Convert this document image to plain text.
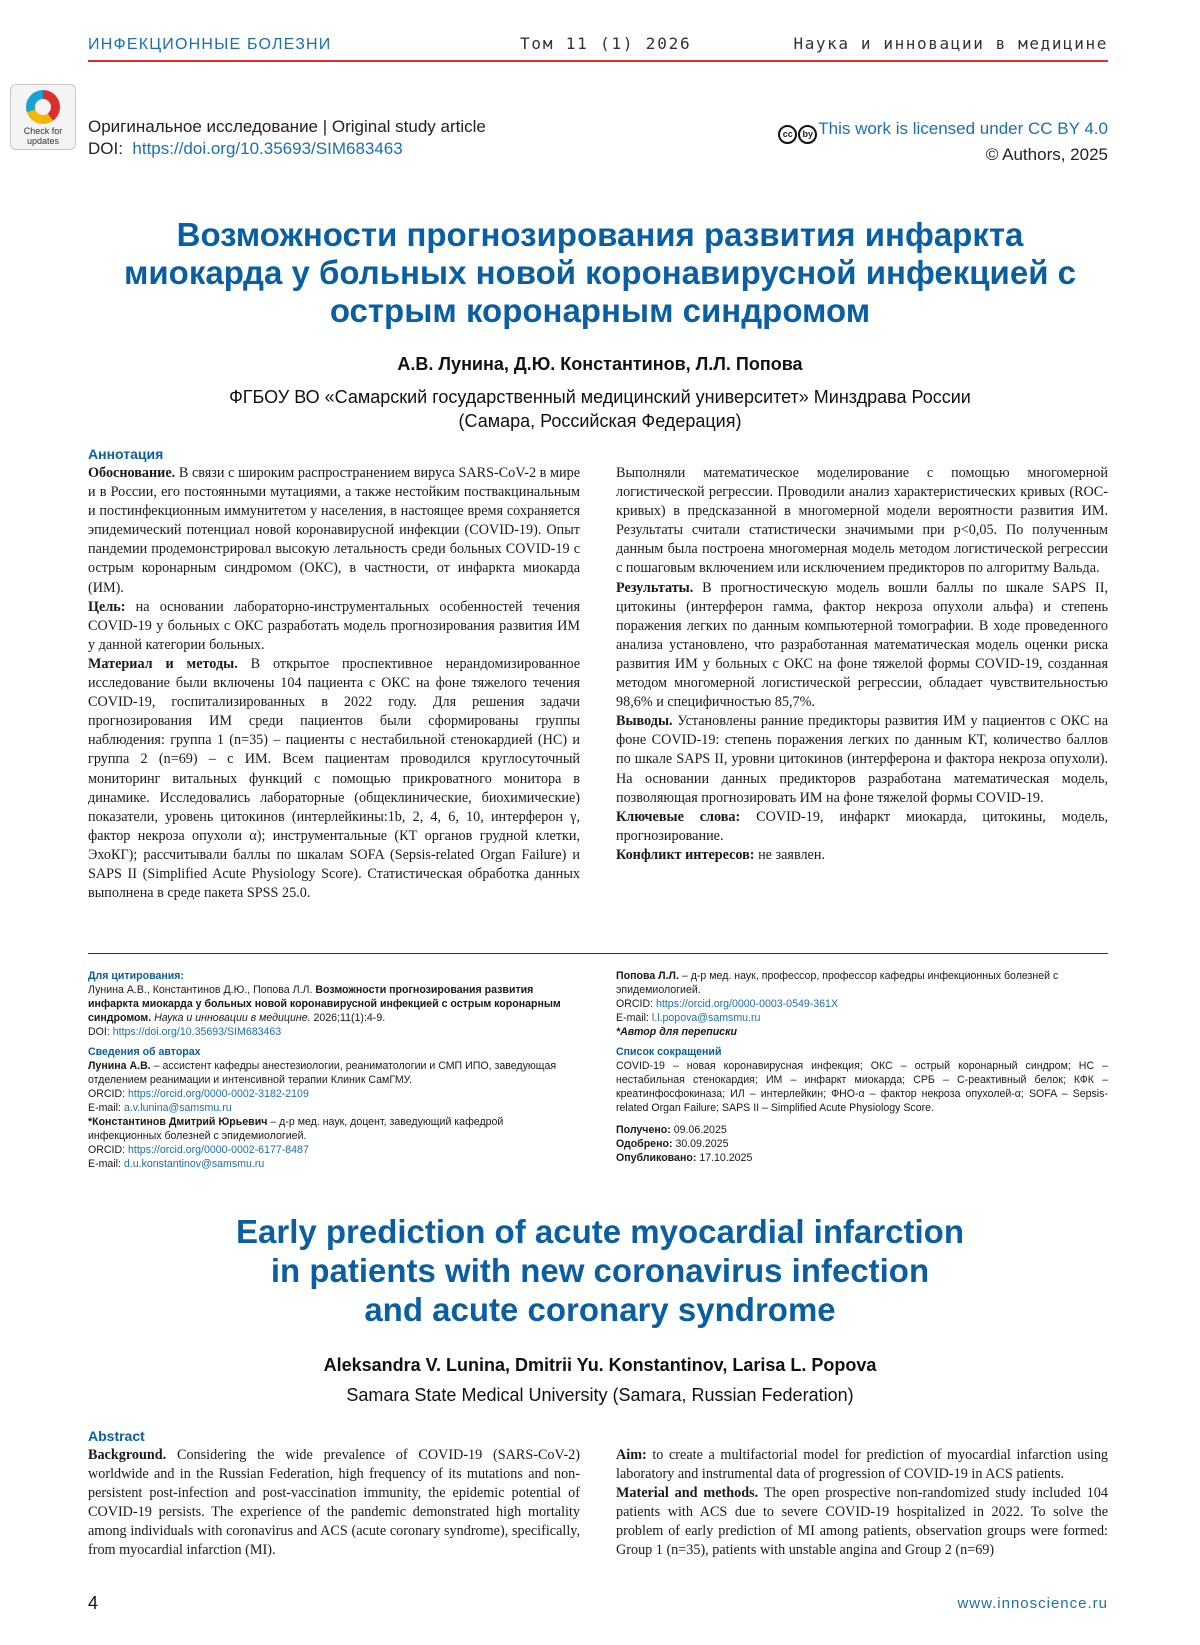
ИНФЕКЦИОННЫЕ БОЛЕЗНИ	Том 11 (1) 2026	Наука и инновации в медицине
Check for updates
Оригинальное исследование | Original study article
DOI: https://doi.org/10.35693/SIM683463
cc by This work is licensed under CC BY 4.0
© Authors, 2025
Возможности прогнозирования развития инфаркта миокарда у больных новой коронавирусной инфекцией с острым коронарным синдромом
А.В. Лунина, Д.Ю. Константинов, Л.Л. Попова
ФГБОУ ВО «Самарский государственный медицинский университет» Минздрава России
(Самара, Российская Федерация)
Аннотация

Обоснование. В связи с широким распространением вируса SARS-CoV-2 в мире и в России, его постоянными мутациями, а также нестойким поствакцинальным и постинфекционным иммунитетом у населения, в настоящее время сохраняется эпидемический потенциал новой коронавирусной инфекции (COVID-19). Опыт пандемии продемонстрировал высокую летальность среди больных COVID-19 с острым коронарным синдромом (ОКС), в частности, от инфаркта миокарда (ИМ).

Цель: на основании лабораторно-инструментальных особенностей течения COVID-19 у больных с ОКС разработать модель прогнозирования развития ИМ у данной категории больных.

Материал и методы. В открытое проспективное нерандомизированное исследование были включены 104 пациента с ОКС на фоне тяжелого течения COVID-19, госпитализированных в 2022 году. Для решения задачи прогнозирования ИМ среди пациентов были сформированы группы наблюдения: группа 1 (n=35) – пациенты с нестабильной стенокардией (НС) и группа 2 (n=69) – с ИМ. Всем пациентам проводился круглосуточный мониторинг витальных функций с помощью прикроватного монитора в динамике. Исследовались лабораторные (общеклинические, биохимические) показатели, уровень цитокинов (интерлейкины:1b, 2, 4, 6, 10, интерферон γ, фактор некроза опухоли α); инструментальные (КТ органов грудной клетки, ЭхоКГ); рассчитывали баллы по шкалам SOFA (Sepsis-related Organ Failure) и SAPS II (Simplified Acute Physiology Score). Статистическая обработка данных выполнена в среде пакета SPSS 25.0.

Выполняли математическое моделирование с помощью многомерной логистической регрессии. Проводили анализ характеристических кривых (ROC-кривых) в предсказанной в многомерной модели вероятности развития ИМ. Результаты считали статистически значимыми при p<0,05. По полученным данным была построена многомерная модель методом логистической регрессии с пошаговым включением или исключением предикторов по алгоритму Вальда.

Результаты. В прогностическую модель вошли баллы по шкале SAPS II, цитокины (интерферон гамма, фактор некроза опухоли альфа) и степень поражения легких по данным компьютерной томографии. В ходе проведенного анализа установлено, что разработанная математическая модель оценки риска развития ИМ у больных с ОКС на фоне тяжелой формы COVID-19, созданная методом многомерной логистической регрессии, обладает чувствительностью 98,6% и специфичностью 85,7%.

Выводы. Установлены ранние предикторы развития ИМ у пациентов с ОКС на фоне COVID-19: степень поражения легких по данным КТ, количество баллов по шкале SAPS II, уровни цитокинов (интерферона и фактора некроза опухоли). На основании данных предикторов разработана математическая модель, позволяющая прогнозировать ИМ на фоне тяжелой формы COVID-19.

Ключевые слова: COVID-19, инфаркт миокарда, цитокины, модель, прогнозирование.

Конфликт интересов: не заявлен.

Для цитирования:
Лунина А.В., Константинов Д.Ю., Попова Л.Л. Возможности прогнозирования развития инфаркта миокарда у больных новой коронавирусной инфекцией с острым коронарным синдромом. Наука и инновации в медицине. 2026;11(1):4-9.
DOI: https://doi.org/10.35693/SIM683463
Сведения об авторах
Лунина А.В. – ассистент кафедры анестезиологии, реаниматологии и СМП ИПО, заведующая отделением реанимации и интенсивной терапии Клиник СамГМУ.
ORCID: https://orcid.org/0000-0002-3182-2109
E-mail: a.v.lunina@samsmu.ru
*Константинов Дмитрий Юрьевич – д-р мед. наук, доцент, заведующий кафедрой инфекционных болезней с эпидемиологией.
ORCID: https://orcid.org/0000-0002-6177-8487
E-mail: d.u.konstantinov@samsmu.ru
Попова Л.Л. – д-р мед. наук, профессор, профессор кафедры инфекционных болезней с эпидемиологией.
ORCID: https://orcid.org/0000-0003-0549-361X
E-mail: l.l.popova@samsmu.ru
*Автор для переписки
Список сокращений
COVID-19 – новая коронавирусная инфекция; ОКС – острый коронарный синдром; НС – нестабильная стенокардия; ИМ – инфаркт миокарда; СРБ – С-реактивный белок; КФК – креатинфосфокиназа; ИЛ – интерлейкин; ФНО-α – фактор некроза опухолей-α; SOFA – Sepsis-related Organ Failure; SAPS II – Simplified Acute Physiology Score.
Получено: 09.06.2025
Одобрено: 30.09.2025
Опубликовано: 17.10.2025
Early prediction of acute myocardial infarction
in patients with new coronavirus infection
and acute coronary syndrome
Aleksandra V. Lunina, Dmitrii Yu. Konstantinov, Larisa L. Popova
Samara State Medical University (Samara, Russian Federation)
Abstract

Background. Considering the wide prevalence of COVID-19 (SARS-CoV-2) worldwide and in the Russian Federation, high frequency of its mutations and non-persistent post-infection and post-vaccination immunity, the epidemic potential of COVID-19 persists. The experience of the pandemic demonstrated high mortality among individuals with coronavirus and ACS (acute coronary syndrome), specifically, from myocardial infarction (MI).

Aim: to create a multifactorial model for prediction of myocardial infarction using laboratory and instrumental data of progression of COVID-19 in ACS patients.

Material and methods. The open prospective non-randomized study included 104 patients with ACS due to severe COVID-19 hospitalized in 2022. To solve the problem of early prediction of MI among patients, observation groups were formed: Group 1 (n=35), patients with unstable angina and Group 2 (n=69)

4	www.innoscience.ru
